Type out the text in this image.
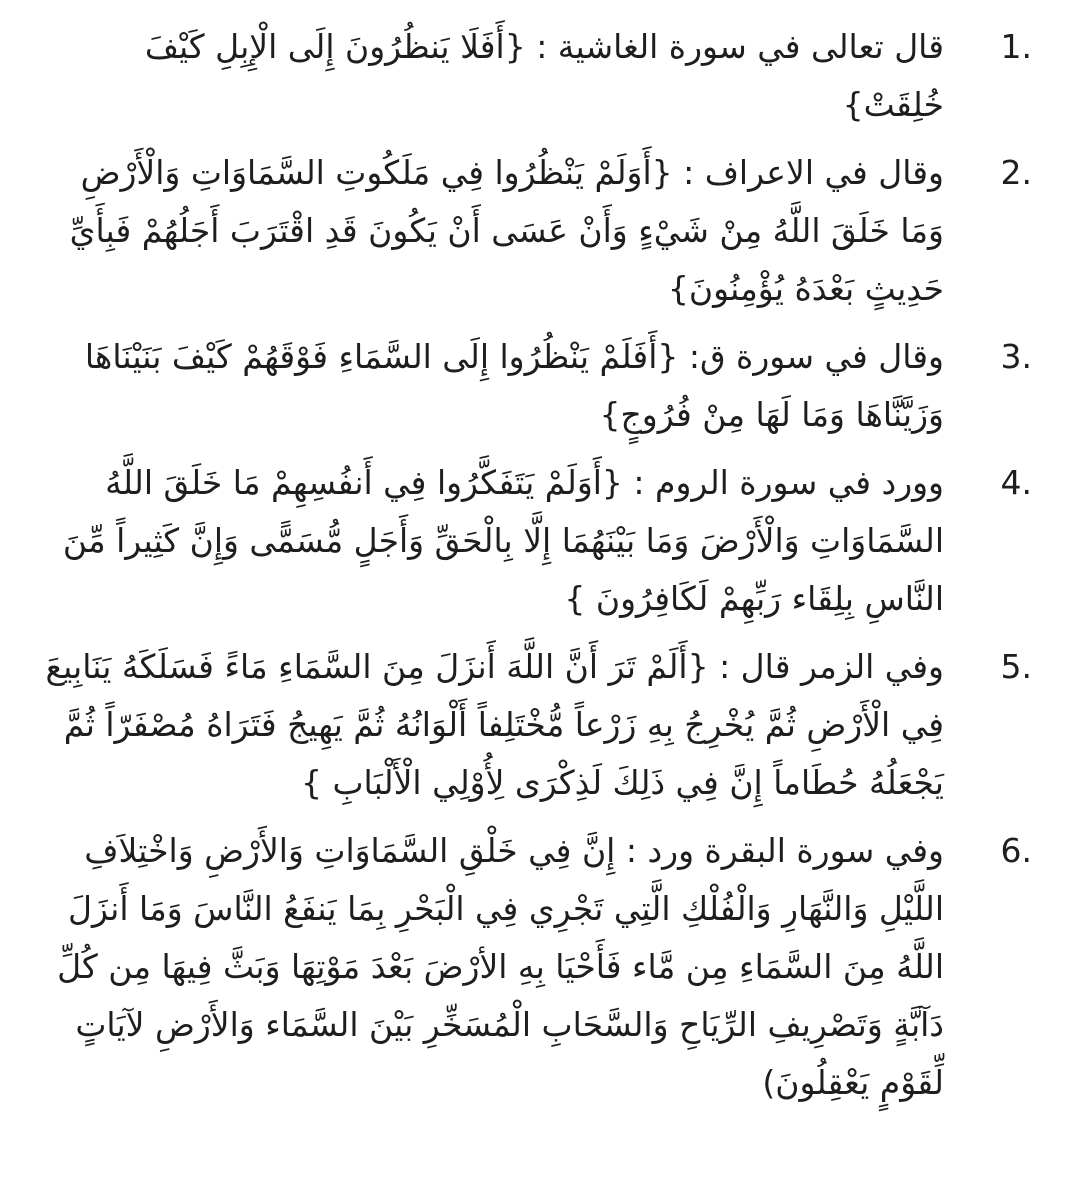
1.
قال تعالى في سورة الغاشية : {أَفَلَا يَنظُرُونَ إِلَى الْإِبِلِ كَيْفَ خُلِقَتْ}
2.
وقال في الاعراف : {أَوَلَمْ يَنْظُرُوا فِي مَلَكُوتِ السَّمَاوَاتِ وَالْأَرْضِ وَمَا خَلَقَ اللَّهُ مِنْ شَيْءٍ وَأَنْ عَسَى أَنْ يَكُونَ قَدِ اقْتَرَبَ أَجَلُهُمْ فَبِأَيِّ حَدِيثٍ بَعْدَهُ يُؤْمِنُونَ}
3.
وقال في سورة ق: {أَفَلَمْ يَنْظُرُوا إِلَى السَّمَاءِ فَوْقَهُمْ كَيْفَ بَنَيْنَاهَا وَزَيَّنَّاهَا وَمَا لَهَا مِنْ فُرُوجٍ}
4.
وورد في سورة الروم : {أَوَلَمْ يَتَفَكَّرُوا فِي أَنفُسِهِمْ مَا خَلَقَ اللَّهُ السَّمَاوَاتِ وَالْأَرْضَ وَمَا بَيْنَهُمَا إِلَّا بِالْحَقِّ وَأَجَلٍ مُّسَمًّى وَإِنَّ كَثِيراً مِّنَ النَّاسِ بِلِقَاء رَبِّهِمْ لَكَافِرُونَ }
5.
وفي الزمر قال : {أَلَمْ تَرَ أَنَّ اللَّهَ أَنزَلَ مِنَ السَّمَاءِ مَاءً فَسَلَكَهُ يَنَابِيعَ فِي الْأَرْضِ ثُمَّ يُخْرِجُ بِهِ زَرْعاً مُّخْتَلِفاً أَلْوَانُهُ ثُمَّ يَهِيجُ فَتَرَاهُ مُصْفَرّاً ثُمَّ يَجْعَلُهُ حُطَاماً إِنَّ فِي ذَلِكَ لَذِكْرَى لِأُوْلِي الْأَلْبَابِ }
6.
وفي سورة البقرة ورد : إِنَّ فِي خَلْقِ السَّمَاوَاتِ وَالأَرْضِ وَاخْتِلاَفِ اللَّيْلِ وَالنَّهَارِ وَالْفُلْكِ الَّتِي تَجْرِي فِي الْبَحْرِ بِمَا يَنفَعُ النَّاسَ وَمَا أَنزَلَ اللَّهُ مِنَ السَّمَاءِ مِن مَّاء فَأَحْيَا بِهِ الأرْضَ بَعْدَ مَوْتِهَا وَبَثَّ فِيهَا مِن كُلِّ دَآبَّةٍ وَتَصْرِيفِ الرِّيَاحِ وَالسَّحَابِ الْمُسَخِّرِ بَيْنَ السَّمَاء وَالأَرْضِ لآيَاتٍ لِّقَوْمٍ يَعْقِلُونَ)
